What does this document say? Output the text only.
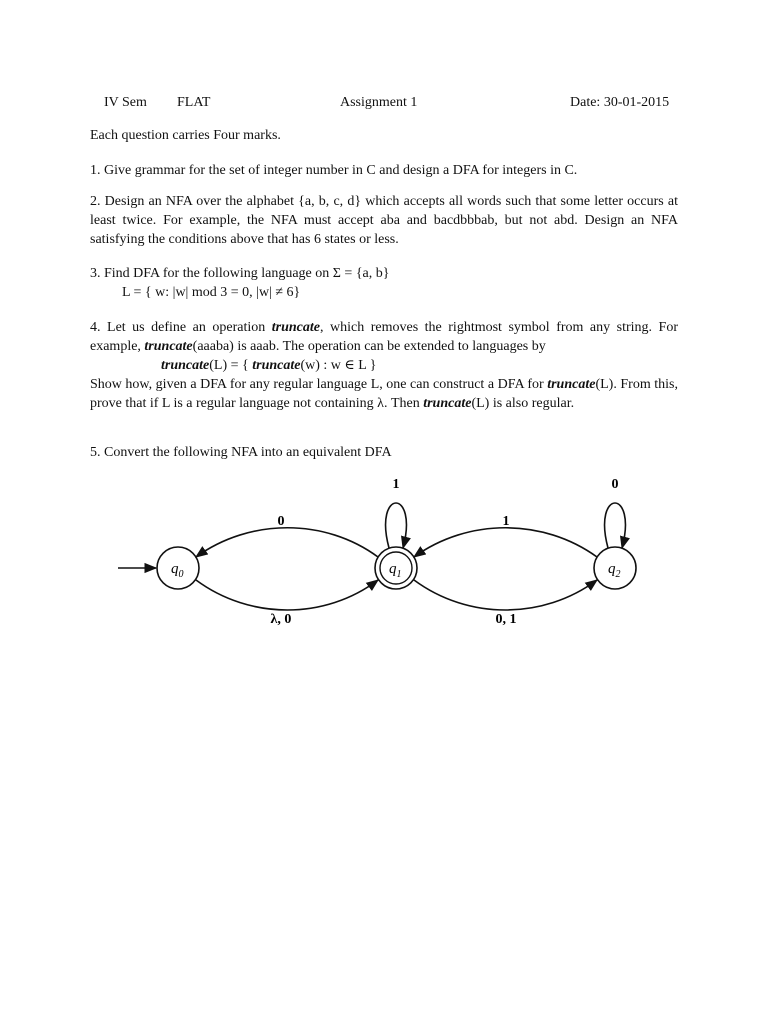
IV Sem FLAT	Assignment 1	Date: 30-01-2015

Each question carries Four marks.

1. Give grammar for the set of integer number in C and design a DFA for integers in C.

2. Design an NFA over the alphabet {a, b, c, d} which accepts all words such that some letter occurs at least twice. For example, the NFA must accept aba and bacdbbbab, but not abd. Design an NFA satisfying the conditions above that has 6 states or less.

3. Find DFA for the following language on Σ = {a, b}
L = { w: |w| mod 3 = 0, |w| ≠ 6}
4. Let us define an operation truncate, which removes the rightmost symbol from any string. For example, truncate(aaaba) is aaab. The operation can be extended to languages by
truncate(L) = { truncate(w) : w ∈ L }
Show how, given a DFA for any regular language L, one can construct a DFA for truncate(L). From this, prove that if L is a regular language not containing λ. Then truncate(L) is also regular.

5. Convert the following NFA into an equivalent DFA

$q_0$	$q_1$	$q_2$
0
λ, 0
1
1
0, 1
0
